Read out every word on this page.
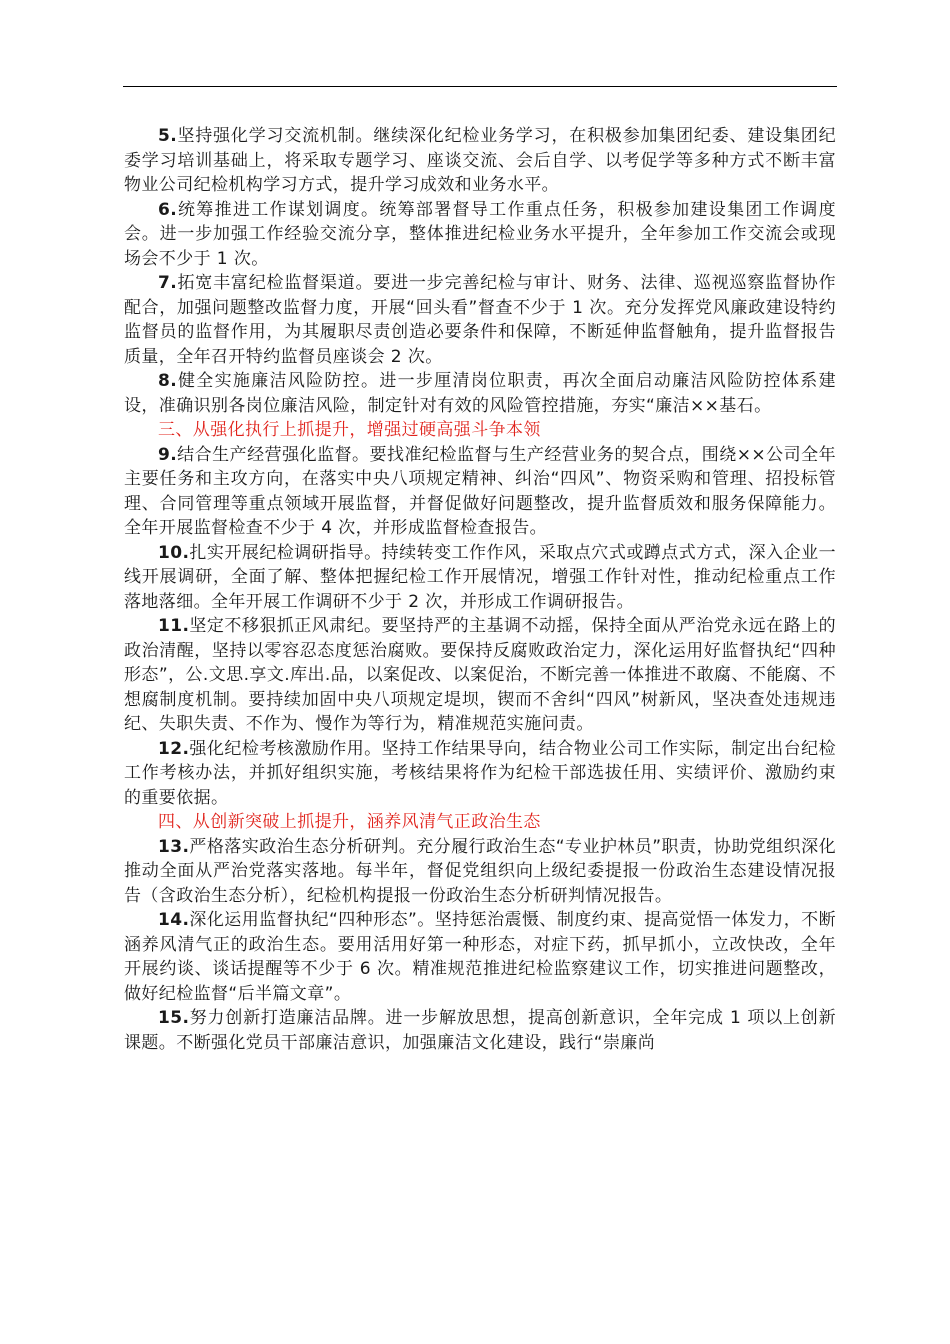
5.坚持强化学习交流机制。继续深化纪检业务学习，在积极参加集团纪委、建设集团纪委学习培训基础上，将采取专题学习、座谈交流、会后自学、以考促学等多种方式不断丰富物业公司纪检机构学习方式，提升学习成效和业务水平。

6.统筹推进工作谋划调度。统筹部署督导工作重点任务，积极参加建设集团工作调度会。进一步加强工作经验交流分享，整体推进纪检业务水平提升，全年参加工作交流会或现场会不少于 1 次。

7.拓宽丰富纪检监督渠道。要进一步完善纪检与审计、财务、法律、巡视巡察监督协作配合，加强问题整改监督力度，开展“回头看”督查不少于 1 次。充分发挥党风廉政建设特约监督员的监督作用，为其履职尽责创造必要条件和保障，不断延伸监督触角，提升监督报告质量，全年召开特约监督员座谈会 2 次。

8.健全实施廉洁风险防控。进一步厘清岗位职责，再次全面启动廉洁风险防控体系建设，准确识别各岗位廉洁风险，制定针对有效的风险管控措施，夯实“廉洁××基石。

三、从强化执行上抓提升，增强过硬高强斗争本领

9.结合生产经营强化监督。要找准纪检监督与生产经营业务的契合点，围绕××公司全年主要任务和主攻方向，在落实中央八项规定精神、纠治“四风”、物资采购和管理、招投标管理、合同管理等重点领域开展监督，并督促做好问题整改，提升监督质效和服务保障能力。全年开展监督检查不少于 4 次，并形成监督检查报告。

10.扎实开展纪检调研指导。持续转变工作作风，采取点穴式或蹲点式方式，深入企业一线开展调研，全面了解、整体把握纪检工作开展情况，增强工作针对性，推动纪检重点工作落地落细。全年开展工作调研不少于 2 次，并形成工作调研报告。

11.坚定不移狠抓正风肃纪。要坚持严的主基调不动摇，保持全面从严治党永远在路上的政治清醒，坚持以零容忍态度惩治腐败。要保持反腐败政治定力，深化运用好监督执纪“四种形态”，公.文思.享文.库出.品，以案促改、以案促治，不断完善一体推进不敢腐、不能腐、不想腐制度机制。要持续加固中央八项规定堤坝，锲而不舍纠“四风”树新风，坚决查处违规违纪、失职失责、不作为、慢作为等行为，精准规范实施问责。

12.强化纪检考核激励作用。坚持工作结果导向，结合物业公司工作实际，制定出台纪检工作考核办法，并抓好组织实施，考核结果将作为纪检干部选拔任用、实绩评价、激励约束的重要依据。

四、从创新突破上抓提升，涵养风清气正政治生态

13.严格落实政治生态分析研判。充分履行政治生态“专业护林员”职责，协助党组织深化推动全面从严治党落实落地。每半年，督促党组织向上级纪委提报一份政治生态建设情况报告（含政治生态分析），纪检机构提报一份政治生态分析研判情况报告。

14.深化运用监督执纪“四种形态”。坚持惩治震慑、制度约束、提高觉悟一体发力，不断涵养风清气正的政治生态。要用活用好第一种形态，对症下药，抓早抓小，立改快改，全年开展约谈、谈话提醒等不少于 6 次。精准规范推进纪检监察建议工作，切实推进问题整改，做好纪检监督“后半篇文章”。

15.努力创新打造廉洁品牌。进一步解放思想，提高创新意识，全年完成 1 项以上创新课题。不断强化党员干部廉洁意识，加强廉洁文化建设，践行“崇廉尚
